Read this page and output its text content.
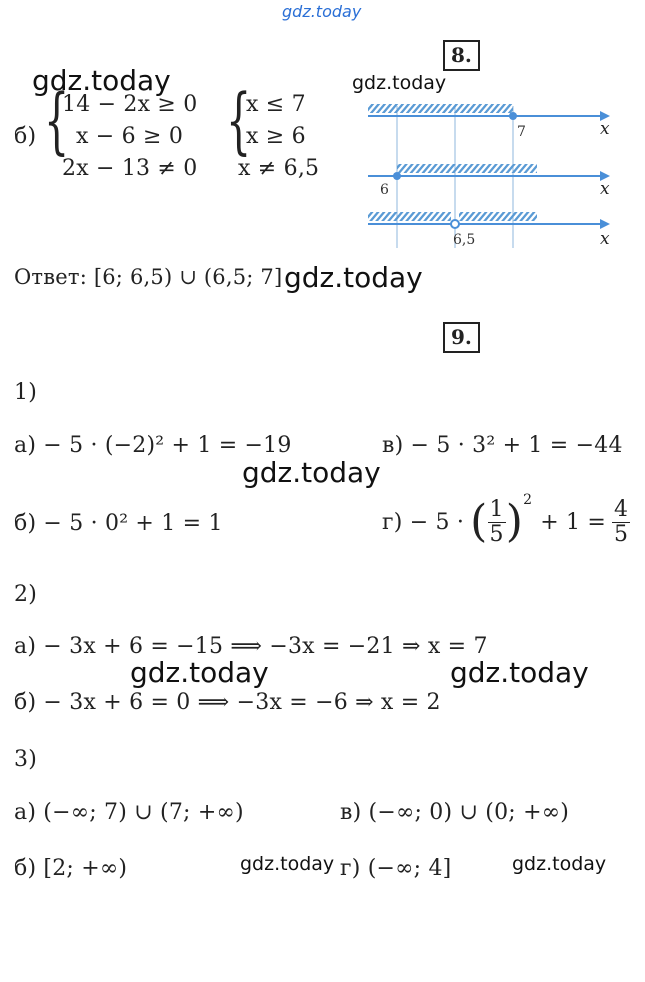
gdz.today
8.
gdz.today	gdz.today
б) {
14 − 2x ≥ 0
x − 6 ≥ 0
2x − 13 ≠ 0
{
x ≤ 7
x ≥ 6
x ≠ 6,5
7	x
6	x
6,5	x
Ответ: [6; 6,5) ∪ (6,5; 7] gdz.today
9.
1)
а) − 5 · (−2)² + 1 = −19	в) − 5 · 3² + 1 = −44
gdz.today
б) − 5 · 0² + 1 = 1	г) − 5 · ( $\frac{1}{5}$ ) 2
+ $1 = \frac{4}{5}$
2)
а) − 3x + 6 = −15 ⟹ −3x = −21 ⇒ x = 7
gdz.today	gdz.today
б) − 3x + 6 = 0 ⟹ −3x = −6 ⇒ x = 2
3)
а) (−∞; 7) ∪ (7; +∞)	в) (−∞; 0) ∪ (0; +∞)
б) [2; +∞)	gdz.today г) (−∞; 4]	gdz.today
